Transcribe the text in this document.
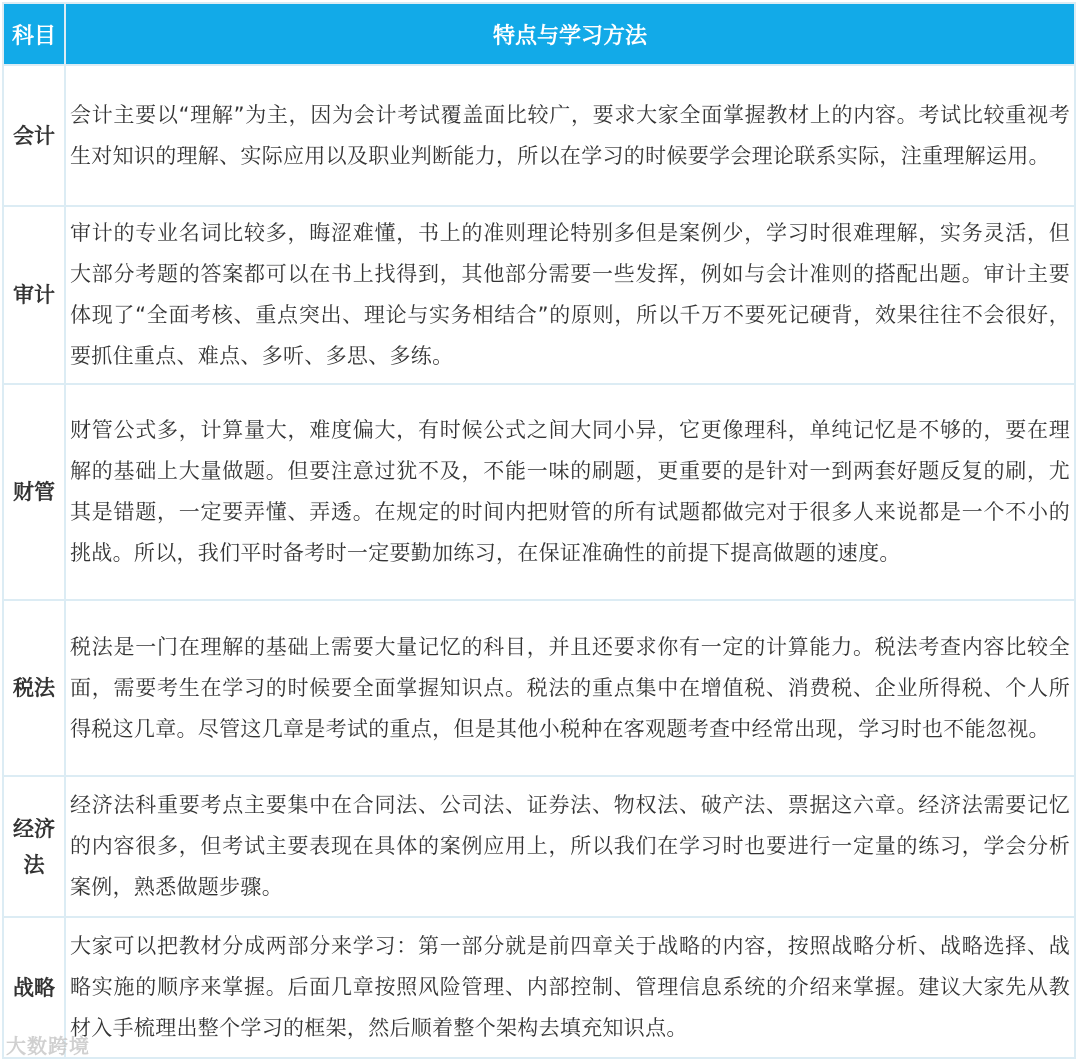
科目	特点与学习方法
会计	会计主要以“理解”为主，因为会计考试覆盖面比较广，要求大家全面掌握教材上的内容。考试比较重视考生对知识的理解、实际应用以及职业判断能力，所以在学习的时候要学会理论联系实际，注重理解运用。
审计	审计的专业名词比较多，晦涩难懂，书上的准则理论特别多但是案例少，学习时很难理解，实务灵活，但大部分考题的答案都可以在书上找得到，其他部分需要一些发挥，例如与会计准则的搭配出题。审计主要体现了“全面考核、重点突出、理论与实务相结合”的原则，所以千万不要死记硬背，效果往往不会很好，要抓住重点、难点、多听、多思、多练。
财管	财管公式多，计算量大，难度偏大，有时候公式之间大同小异，它更像理科，单纯记忆是不够的，要在理解的基础上大量做题。但要注意过犹不及，不能一味的刷题，更重要的是针对一到两套好题反复的刷，尤其是错题，一定要弄懂、弄透。在规定的时间内把财管的所有试题都做完对于很多人来说都是一个不小的挑战。所以，我们平时备考时一定要勤加练习，在保证准确性的前提下提高做题的速度。
税法	税法是一门在理解的基础上需要大量记忆的科目，并且还要求你有一定的计算能力。税法考查内容比较全面，需要考生在学习的时候要全面掌握知识点。税法的重点集中在增值税、消费税、企业所得税、个人所得税这几章。尽管这几章是考试的重点，但是其他小税种在客观题考查中经常出现，学习时也不能忽视。
经济法	经济法科重要考点主要集中在合同法、公司法、证券法、物权法、破产法、票据这六章。经济法需要记忆的内容很多，但考试主要表现在具体的案例应用上，所以我们在学习时也要进行一定量的练习，学会分析案例，熟悉做题步骤。
战略	大家可以把教材分成两部分来学习：第一部分就是前四章关于战略的内容，按照战略分析、战略选择、战略实施的顺序来掌握。后面几章按照风险管理、内部控制、管理信息系统的介绍来掌握。建议大家先从教材入手梳理出整个学习的框架，然后顺着整个架构去填充知识点。
大数跨境
